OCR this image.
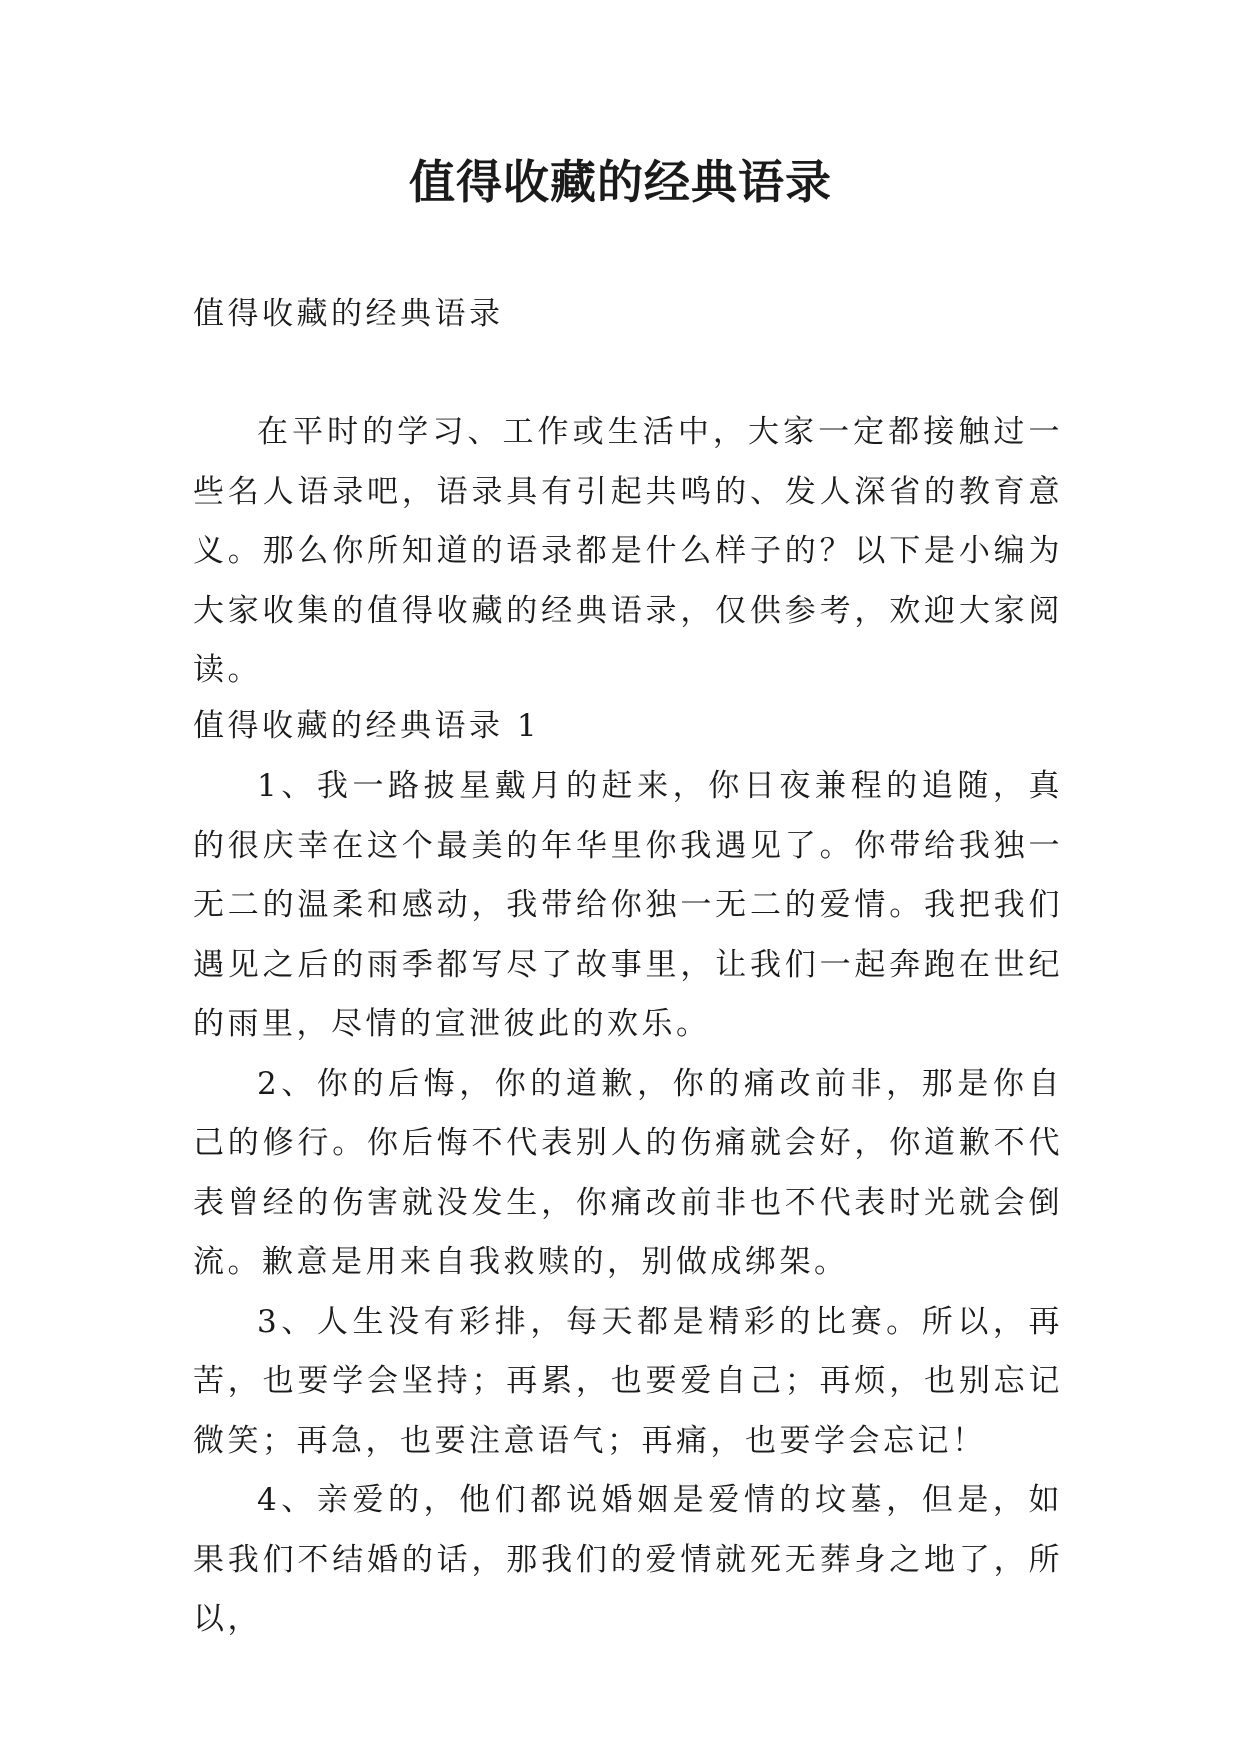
值得收藏的经典语录

值得收藏的经典语录

在平时的学习、工作或生活中，大家一定都接触过一些名人语录吧，语录具有引起共鸣的、发人深省的教育意义。那么你所知道的语录都是什么样子的？以下是小编为大家收集的值得收藏的经典语录，仅供参考，欢迎大家阅读。

值得收藏的经典语录 1

1、我一路披星戴月的赶来，你日夜兼程的追随，真的很庆幸在这个最美的年华里你我遇见了。你带给我独一无二的温柔和感动，我带给你独一无二的爱情。我把我们遇见之后的雨季都写尽了故事里，让我们一起奔跑在世纪的雨里，尽情的宣泄彼此的欢乐。

2、你的后悔，你的道歉，你的痛改前非，那是你自己的修行。你后悔不代表别人的伤痛就会好，你道歉不代表曾经的伤害就没发生，你痛改前非也不代表时光就会倒流。歉意是用来自我救赎的，别做成绑架。

3、人生没有彩排，每天都是精彩的比赛。所以，再苦，也要学会坚持；再累，也要爱自己；再烦，也别忘记微笑；再急，也要注意语气；再痛，也要学会忘记！

4、亲爱的，他们都说婚姻是爱情的坟墓，但是，如果我们不结婚的话，那我们的爱情就死无葬身之地了，所以，
